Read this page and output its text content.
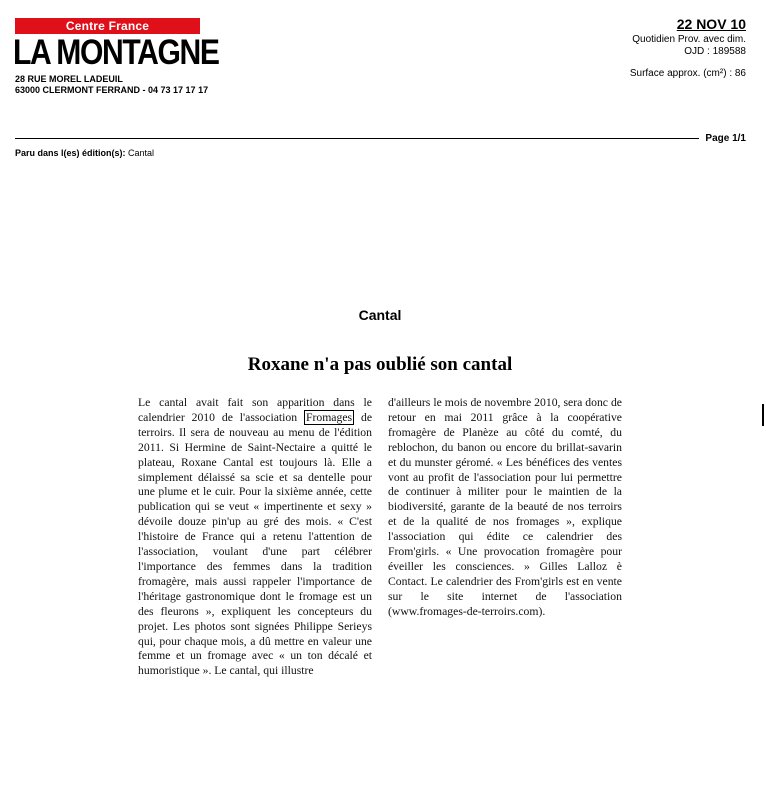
Centre France
LA MONTAGNE
28 RUE MOREL LADEUIL
63000 CLERMONT FERRAND - 04 73 17 17 17
22 NOV 10
Quotidien Prov. avec dim.
OJD : 189588
Surface approx. (cm²) : 86
Page 1/1
Paru dans l(es) édition(s): Cantal
Cantal
Roxane n'a pas oublié son cantal
Le cantal avait fait son apparition dans le calendrier 2010 de l'association Fromages de terroirs. Il sera de nouveau au menu de l'édition 2011. Si Hermine de Saint-Nectaire a quitté le plateau, Roxane Cantal est toujours là. Elle a simplement délaissé sa scie et sa dentelle pour une plume et le cuir. Pour la sixième année, cette publication qui se veut « impertinente et sexy » dévoile douze pin'up au gré des mois. « C'est l'histoire de France qui a retenu l'attention de l'association, voulant d'une part célébrer l'importance des femmes dans la tradition fromagère, mais aussi rappeler l'importance de l'héritage gastronomique dont le fromage est un des fleurons », expliquent les concepteurs du projet. Les photos sont signées Philippe Serieys qui, pour chaque mois, a dû mettre en valeur une femme et un fromage avec « un ton décalé et humoristique ». Le cantal, qui illustre
d'ailleurs le mois de novembre 2010, sera donc de retour en mai 2011 grâce à la coopérative fromagère de Planèze au côté du comté, du reblochon, du banon ou encore du brillat-savarin et du munster géromé. « Les bénéfices des ventes vont au profit de l'association pour lui permettre de continuer à militer pour le maintien de la biodiversité, garante de la beauté de nos terroirs et de la qualité de nos fromages », explique l'association qui édite ce calendrier des From'girls. « Une provocation fromagère pour éveiller les consciences. » Gilles Lalloz è Contact. Le calendrier des From'girls est en vente sur le site internet de l'association (www.fromages-de-terroirs.com).
